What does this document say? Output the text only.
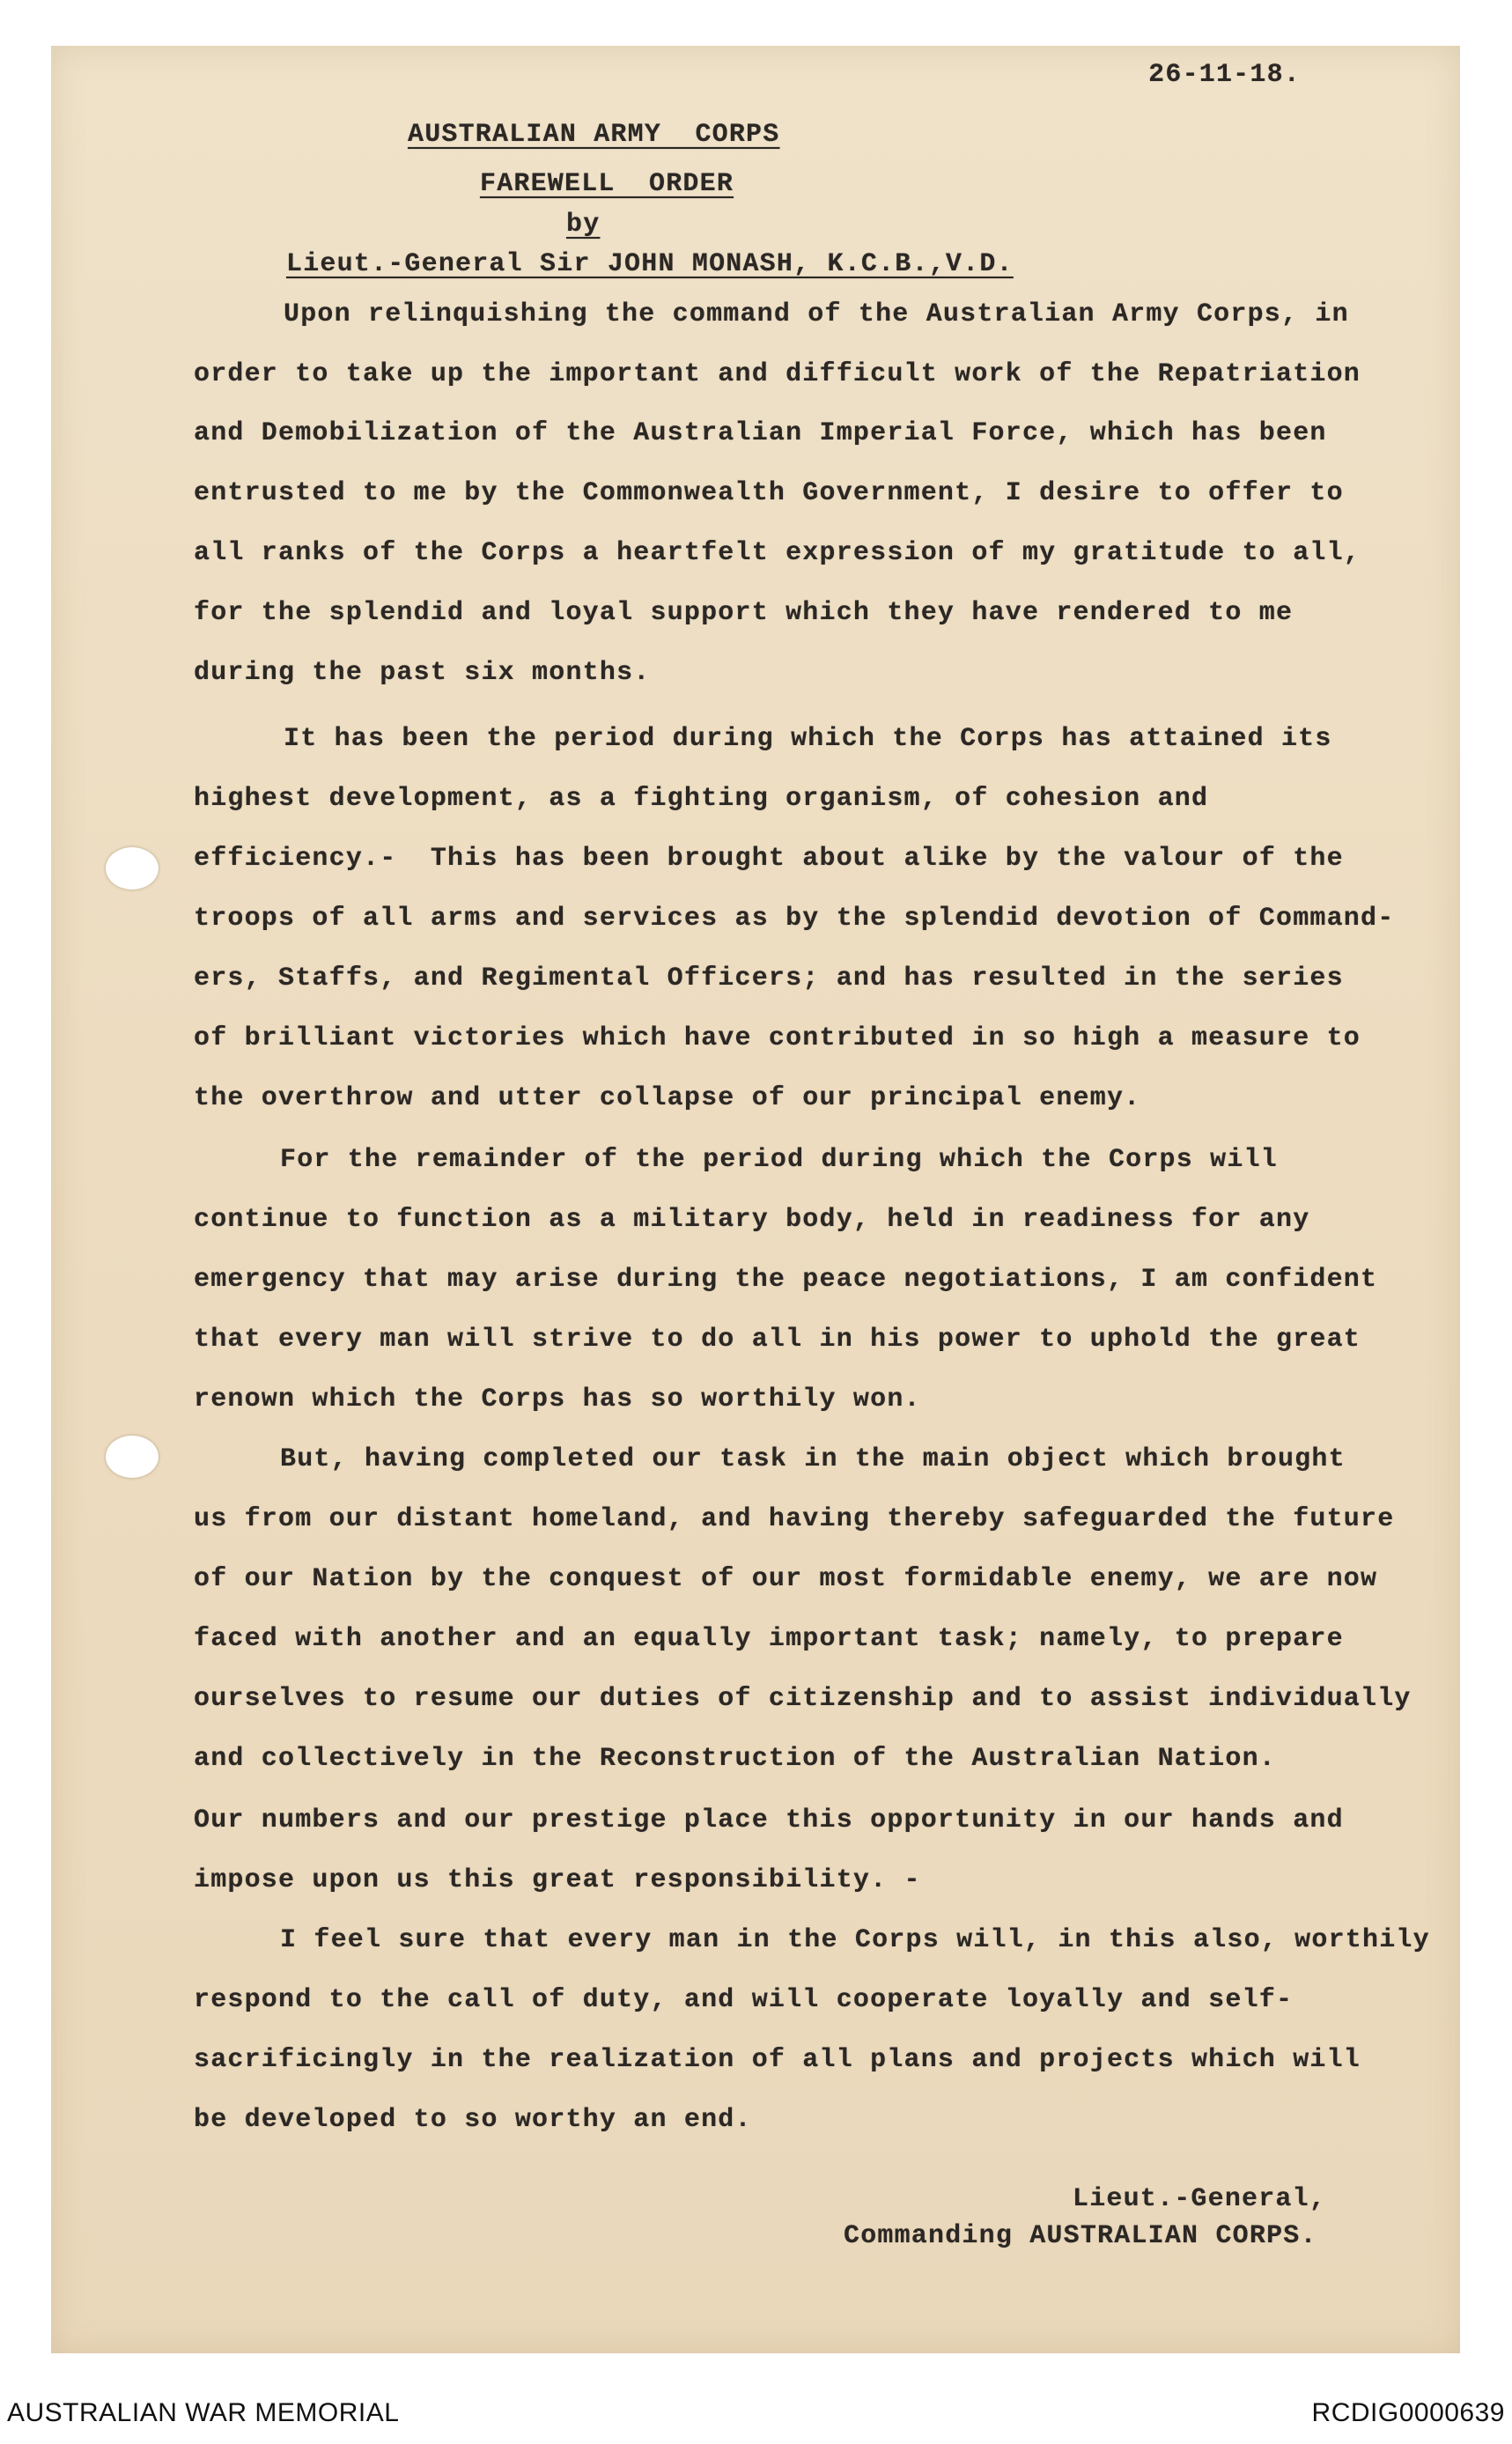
26-11-18.
AUSTRALIAN ARMY  CORPS
FAREWELL  ORDER
by
Lieut.-General Sir JOHN MONASH, K.C.B.,V.D.
Upon relinquishing the command of the Australian Army Corps, in
order to take up the important and difficult work of the Repatriation
and Demobilization of the Australian Imperial Force, which has been
entrusted to me by the Commonwealth Government, I desire to offer to
all ranks of the Corps a heartfelt expression of my gratitude to all,
for the splendid and loyal support which they have rendered to me
during the past six months.
It has been the period during which the Corps has attained its
highest development, as a fighting organism, of cohesion and
efficiency.-  This has been brought about alike by the valour of the
troops of all arms and services as by the splendid devotion of Command-
ers, Staffs, and Regimental Officers; and has resulted in the series
of brilliant victories which have contributed in so high a measure to
the overthrow and utter collapse of our principal enemy.
For the remainder of the period during which the Corps will
continue to function as a military body, held in readiness for any
emergency that may arise during the peace negotiations, I am confident
that every man will strive to do all in his power to uphold the great
renown which the Corps has so worthily won.
But, having completed our task in the main object which brought
us from our distant homeland, and having thereby safeguarded the future
of our Nation by the conquest of our most formidable enemy, we are now
faced with another and an equally important task; namely, to prepare
ourselves to resume our duties of citizenship and to assist individually
and collectively in the Reconstruction of the Australian Nation.
Our numbers and our prestige place this opportunity in our hands and
impose upon us this great responsibility. -
I feel sure that every man in the Corps will, in this also, worthily
respond to the call of duty, and will cooperate loyally and self-
sacrificingly in the realization of all plans and projects which will
be developed to so worthy an end.
Lieut.-General,
Commanding AUSTRALIAN CORPS.
AUSTRALIAN WAR MEMORIAL	RCDIG0000639
